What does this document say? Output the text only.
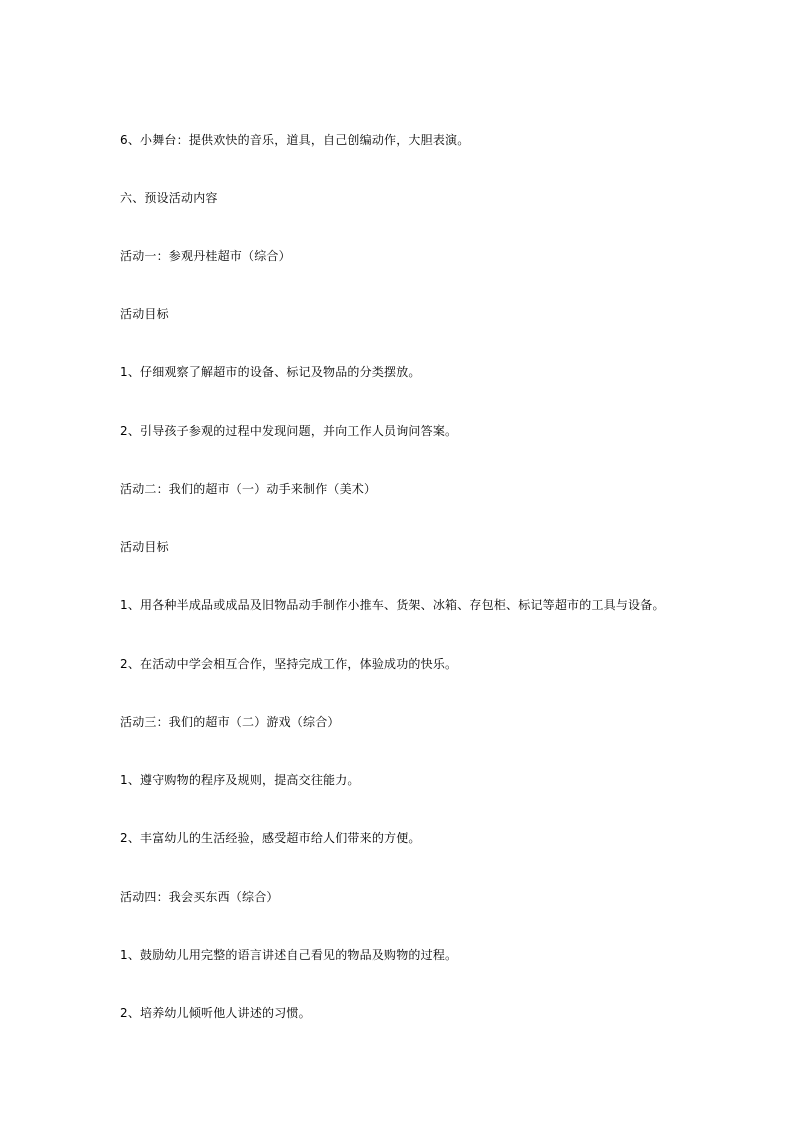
6、小舞台：提供欢快的音乐，道具，自己创编动作，大胆表演。
六、预设活动内容
活动一：参观丹桂超市（综合）
活动目标
1、仔细观察了解超市的设备、标记及物品的分类摆放。
2、引导孩子参观的过程中发现问题，并向工作人员询问答案。
活动二：我们的超市（一）动手来制作（美术）
活动目标
1、用各种半成品或成品及旧物品动手制作小推车、货架、冰箱、存包柜、标记等超市的工具与设备。
2、在活动中学会相互合作，坚持完成工作，体验成功的快乐。
活动三：我们的超市（二）游戏（综合）
1、遵守购物的程序及规则，提高交往能力。
2、丰富幼儿的生活经验，感受超市给人们带来的方便。
活动四：我会买东西（综合）
1、鼓励幼儿用完整的语言讲述自己看见的物品及购物的过程。
2、培养幼儿倾听他人讲述的习惯。
